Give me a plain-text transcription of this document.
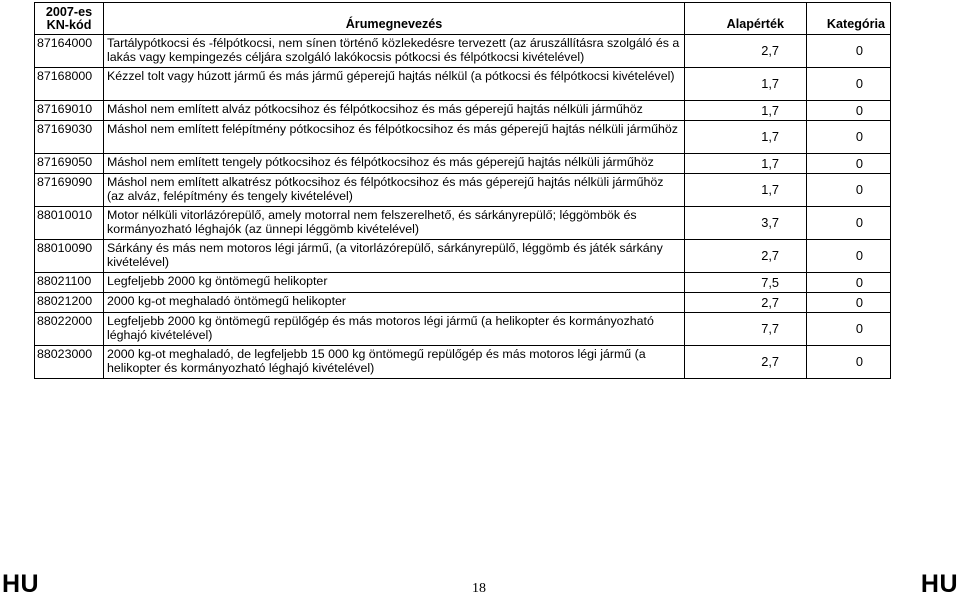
2007-es KN-kód	Árumegnevezés	Alapérték	Kategória
87164000	Tartálypótkocsi és -félpótkocsi, nem sínen történő közlekedésre tervezett (az áruszállításra szolgáló és a lakás vagy kempingezés céljára szolgáló lakókocsis pótkocsi és félpótkocsi kivételével)	2,7	0
87168000	Kézzel tolt vagy húzott jármű és más jármű géperejű hajtás nélkül (a pótkocsi és félpótkocsi kivételével)	1,7	0
87169010	Máshol nem említett alváz pótkocsihoz és félpótkocsihoz és más géperejű hajtás nélküli járműhöz	1,7	0
87169030	Máshol nem említett felépítmény pótkocsihoz és félpótkocsihoz és más géperejű hajtás nélküli járműhöz	1,7	0
87169050	Máshol nem említett tengely pótkocsihoz és félpótkocsihoz és más géperejű hajtás nélküli járműhöz	1,7	0
87169090	Máshol nem említett alkatrész pótkocsihoz és félpótkocsihoz és más géperejű hajtás nélküli járműhöz (az alváz, felépítmény és tengely kivételével)	1,7	0
88010010	Motor nélküli vitorlázórepülő, amely motorral nem felszerelhető, és sárkányrepülő; léggömbök és kormányozható léghajók (az ünnepi léggömb kivételével)	3,7	0
88010090	Sárkány és más nem motoros légi jármű, (a vitorlázórepülő, sárkányrepülő, léggömb és játék sárkány kivételével)	2,7	0
88021100	Legfeljebb 2000 kg öntömegű helikopter	7,5	0
88021200	2000 kg-ot meghaladó öntömegű helikopter	2,7	0
88022000	Legfeljebb 2000 kg öntömegű repülőgép és más motoros légi jármű (a helikopter és kormányozható léghajó kivételével)	7,7	0
88023000	2000 kg-ot meghaladó, de legfeljebb 15 000 kg öntömegű repülőgép és más motoros légi jármű (a helikopter és kormányozható léghajó kivételével)	2,7	0
HU	18	HU
